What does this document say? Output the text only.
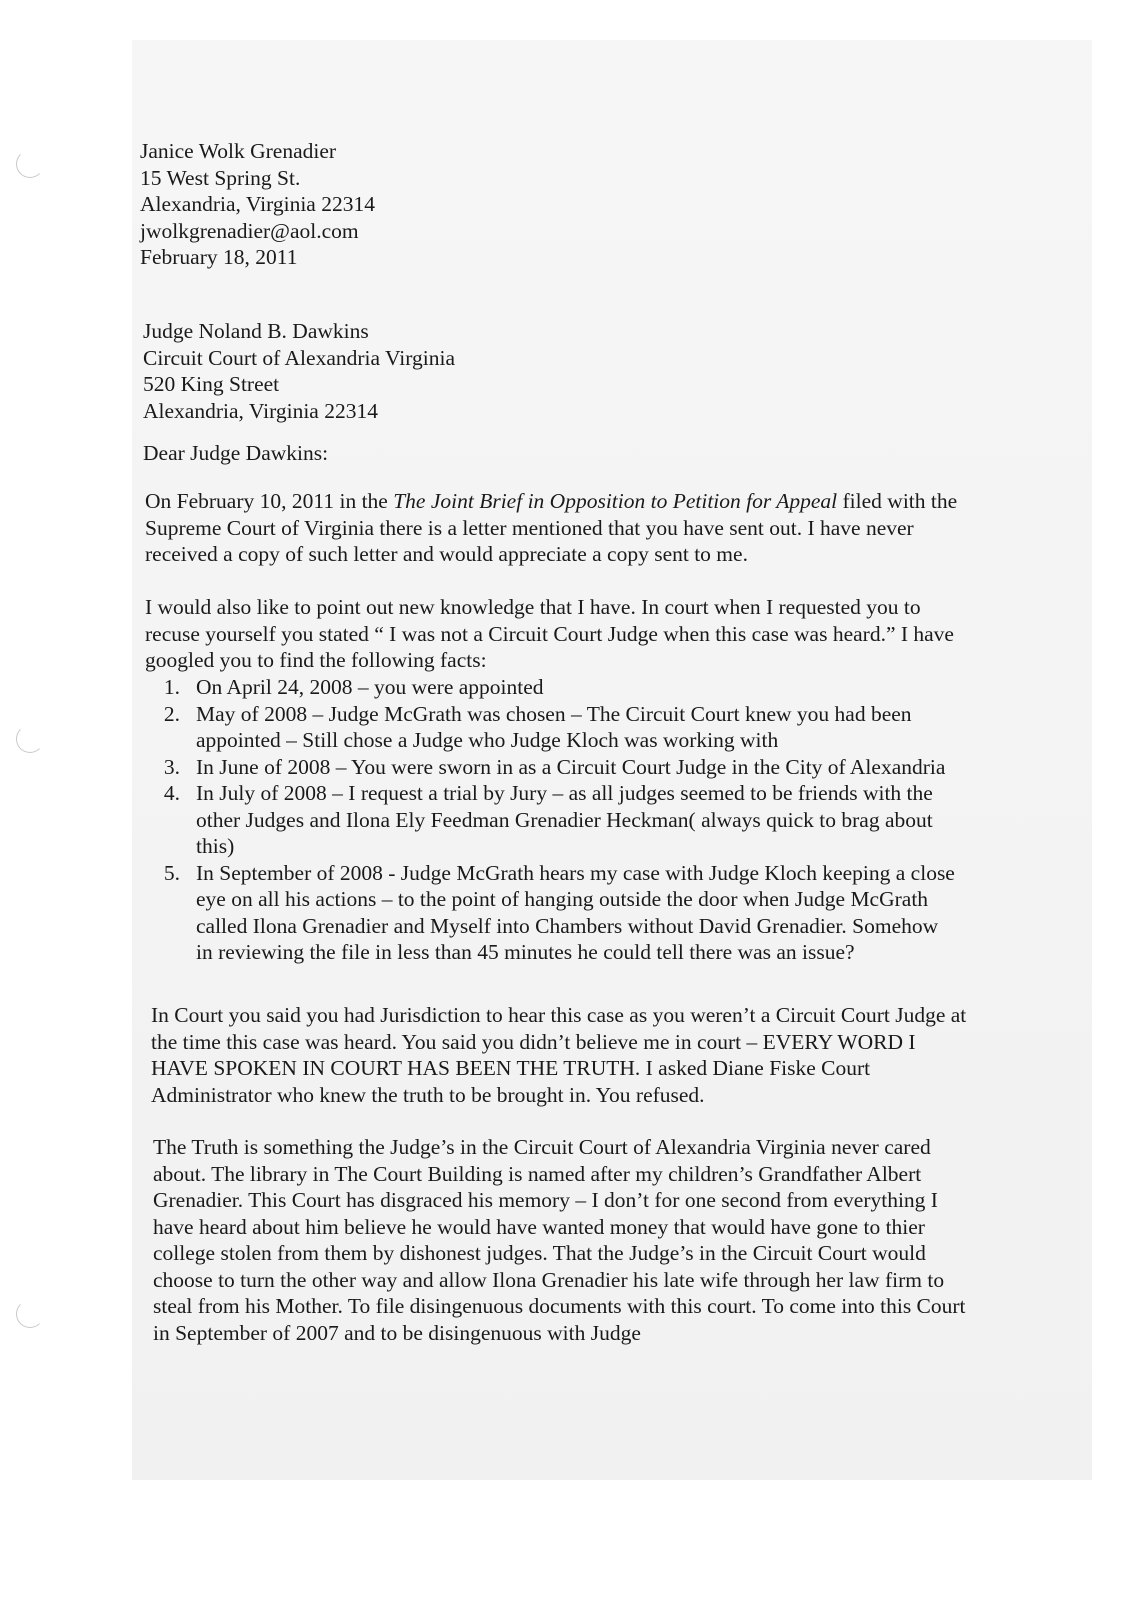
Janice Wolk Grenadier
15 West Spring St.
Alexandria, Virginia 22314
jwolkgrenadier@aol.com
February 18, 2011
Judge Noland B. Dawkins
Circuit Court of Alexandria Virginia
520 King Street
Alexandria, Virginia 22314
Dear Judge Dawkins:
On February 10, 2011 in the The Joint Brief in Opposition to Petition for Appeal filed with the Supreme Court of Virginia there is a letter mentioned that you have sent out. I have never received a copy of such letter and would appreciate a copy sent to me.
I would also like to point out new knowledge that I have. In court when I requested you to recuse yourself you stated “ I was not a Circuit Court Judge when this case was heard.” I have googled you to find the following facts:
1. On April 24, 2008 – you were appointed
2. May of 2008 – Judge McGrath was chosen – The Circuit Court knew you had been appointed – Still chose a Judge who Judge Kloch was working with
3. In June of 2008 – You were sworn in as a Circuit Court Judge in the City of Alexandria
4. In July of 2008 – I request a trial by Jury – as all judges seemed to be friends with the other Judges and Ilona Ely Feedman Grenadier Heckman( always quick to brag about this)
5. In September of 2008 - Judge McGrath hears my case with Judge Kloch keeping a close eye on all his actions – to the point of hanging outside the door when Judge McGrath called Ilona Grenadier and Myself into Chambers without David Grenadier. Somehow in reviewing the file in less than 45 minutes he could tell there was an issue?
In Court you said you had Jurisdiction to hear this case as you weren’t a Circuit Court Judge at the time this case was heard. You said you didn’t believe me in court – EVERY WORD I HAVE SPOKEN IN COURT HAS BEEN THE TRUTH. I asked Diane Fiske Court Administrator who knew the truth to be brought in. You refused.
The Truth is something the Judge’s in the Circuit Court of Alexandria Virginia never cared about. The library in The Court Building is named after my children’s Grandfather Albert Grenadier. This Court has disgraced his memory – I don’t for one second from everything I have heard about him believe he would have wanted money that would have gone to thier college stolen from them by dishonest judges. That the Judge’s in the Circuit Court would choose to turn the other way and allow Ilona Grenadier his late wife through her law firm to steal from his Mother. To file disingenuous documents with this court. To come into this Court in September of 2007 and to be disingenuous with Judge
